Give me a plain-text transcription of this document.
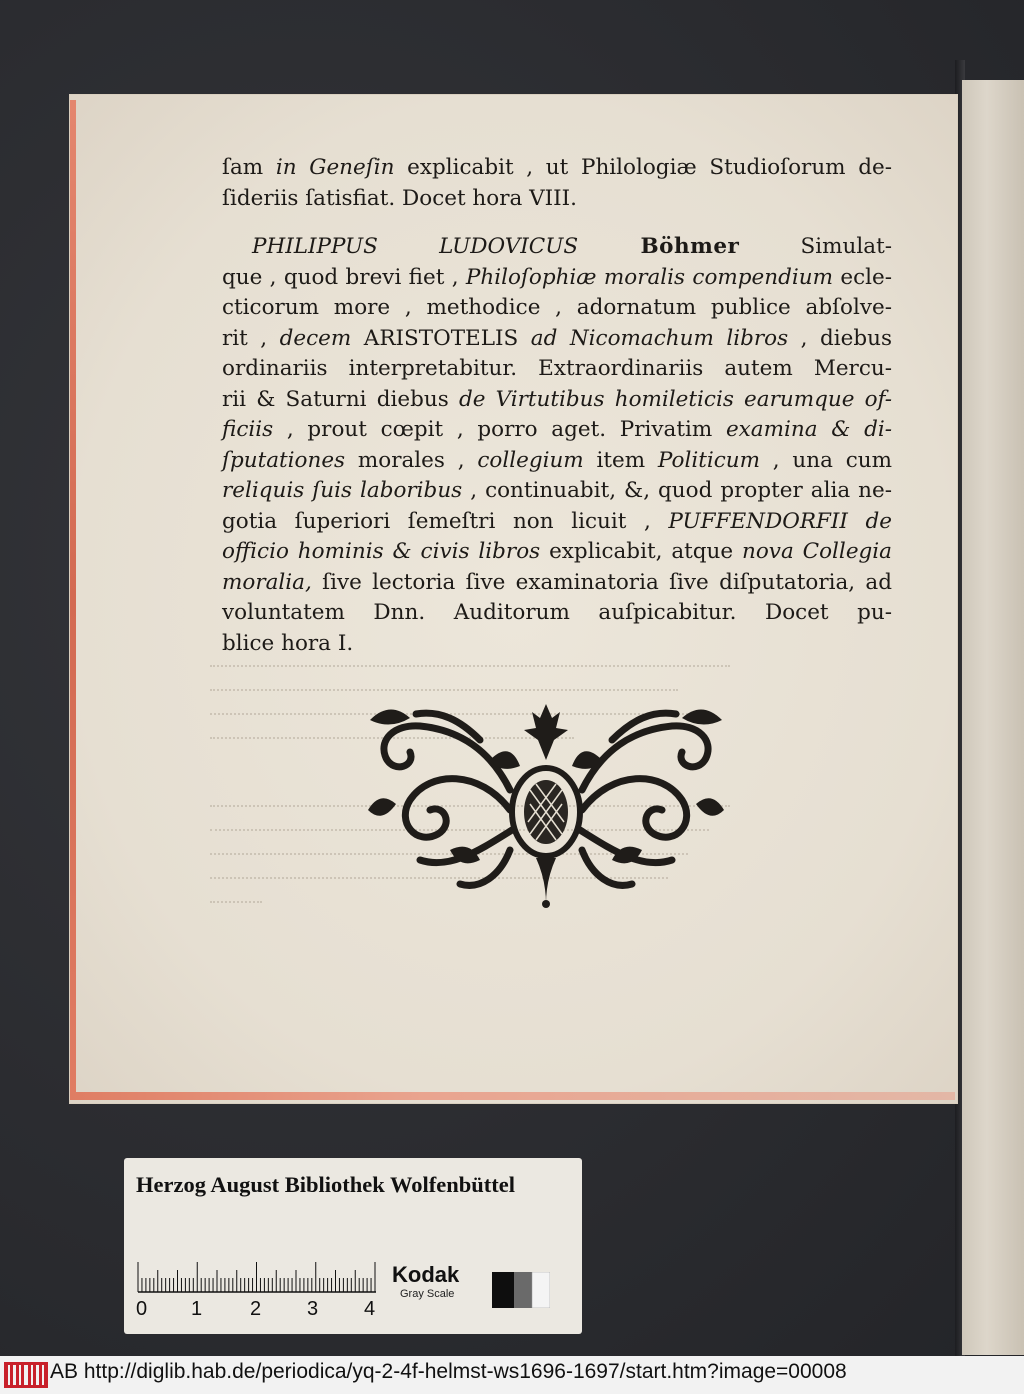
ſam in Geneſin explicabit , ut Philologiæ Studioſorum de-
ſideriis ſatisfiat. Docet hora VIII.

PHILIPPUS LUDOVICUS Böhmer Simulat-
que , quod brevi fiet , Philoſophiæ moralis compendium ecle-
cticorum more , methodice , adornatum publice abſolve-
rit , decem ARISTOTELIS ad Nicomachum libros , diebus
ordinariis interpretabitur. Extraordinariis autem Mercu-
rii & Saturni diebus de Virtutibus homileticis earumque of-
ficiis , prout cœpit , porro aget. Privatim examina & di-
ſputationes morales , collegium item Politicum , una cum
reliquis ſuis laboribus , continuabit, &, quod propter alia ne-
gotia ſuperiori ſemeſtri non licuit , PUFFENDORFII de
officio hominis & civis libros explicabit, atque nova Collegia
moralia, ſive lectoria ſive examinatoria ſive diſputatoria, ad
voluntatem Dnn. Auditorum auſpicabitur. Docet pu-
blice hora I.

Herzog August Bibliothek Wolfenbüttel
0 1 2 3 4
Kodak
Gray Scale
AB http://diglib.hab.de/periodica/yq-2-4f-helmst-ws1696-1697/start.htm?image=00008
